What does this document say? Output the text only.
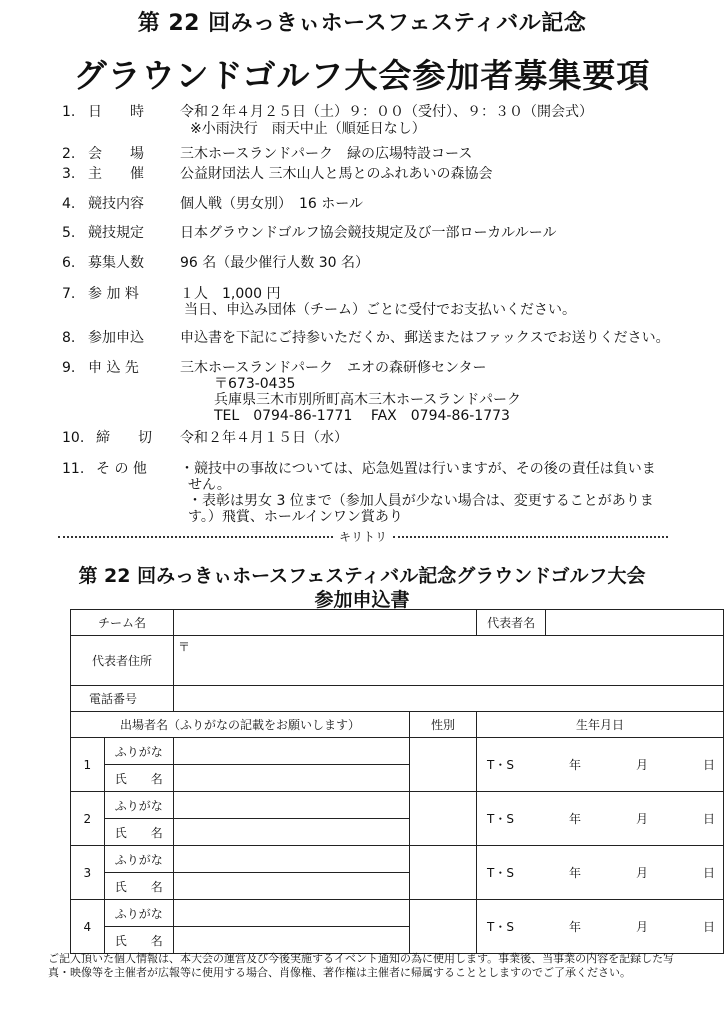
第 22 回みっきぃホースフェスティバル記念
グラウンドゴルフ大会参加者募集要項
1. 日　　時	令和２年４月２５日（土）９：００（受付）、９：３０（開会式）
※小雨決行　雨天中止（順延日なし）
2. 会　　場	三木ホースランドパーク　緑の広場特設コース
3. 主　　催	公益財団法人 三木山人と馬とのふれあいの森協会
4. 競技内容	個人戦（男女別）　16 ホール
5. 競技規定	日本グラウンドゴルフ協会競技規定及び一部ローカルルール
6. 募集人数	96 名（最少催行人数 30 名）
7. 参 加 料	１人　1,000 円
当日、申込み団体（チーム）ごとに受付でお支払いください。
8. 参加申込	申込書を下記にご持参いただくか、郵送またはファックスでお送りください。
9. 申 込 先	三木ホースランドパーク　エオの森研修センター
〒673-0435
兵庫県三木市別所町高木三木ホースランドパーク
TEL　0794-86-1771　 FAX　0794-86-1773
10. 締　　切	令和２年４月１５日（水）
11. そ の 他	・競技中の事故については、応急処置は行いますが、その後の責任は負いま
せん。
・表彰は男女 3 位まで（参加人員が少ない場合は、変更することがありま
す。）飛賞、ホールインワン賞あり
キリトリ
第 22 回みっきぃホースフェスティバル記念グラウンドゴルフ大会
参加申込書
チーム名				代表者名	
代表者住所		〒			
電話番号					
出場者名（ふりがなの記載をお願いします）			性別	生年月日	
1	ふりがな			T・S 年 月 日	

	氏　　名				
2	ふりがな			T・S 年 月 日	

	氏　　名				
3	ふりがな			T・S 年 月 日	

	氏　　名				
4	ふりがな			T・S 年 月 日	

	氏　　名				
ご記入頂いた個人情報は、本大会の運営及び今後実施するイベント通知の為に使用します。事業後、当事業の内容を記録した写真・映像等を主催者が広報等に使用する場合、肖像権、著作権は主催者に帰属することとしますのでご了承ください。
